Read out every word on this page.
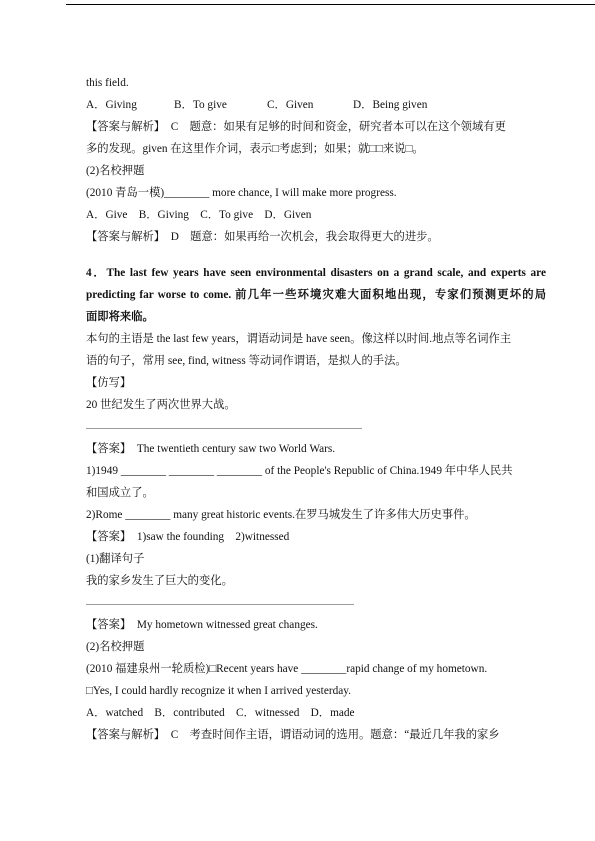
this field.
A．Giving	B．To give	C．Given	D．Being given
【答案与解析】　C　题意：如果有足够的时间和资金，研究者本可以在这个领域有更
多的发现。given 在这里作介词，表示□考虑到；如果；就□□来说□。
(2)名校押题
(2010 青岛一模)________ more chance, I will make more progress.
A．Give　B．Giving　C．To give　D．Given
【答案与解析】　D　题意：如果再给一次机会，我会取得更大的进步。
4．The last few years have seen environmental disasters on a grand scale, and experts are
predicting far worse to come. 前几年一些环境灾难大面积地出现，专家们预测更坏的局
面即将来临。
本句的主语是 the last few years，谓语动词是 have seen。像这样以时间.地点等名词作主
语的句子，常用 see, find, witness 等动词作谓语，是拟人的手法。
【仿写】
20 世纪发生了两次世界大战。
【答案】　The twentieth century saw two World Wars.
1)1949 ________ ________ ________ of the People's Republic of China.1949 年中华人民共
和国成立了。
2)Rome ________ many great historic events.在罗马城发生了许多伟大历史事件。
【答案】　1)saw the founding　2)witnessed
(1)翻译句子
我的家乡发生了巨大的变化。
【答案】　My hometown witnessed great changes.
(2)名校押题
(2010 福建泉州一轮质检)□Recent years have ________rapid change of my hometown.
□Yes, I could hardly recognize it when I arrived yesterday.
A．watched　B．contributed　C．witnessed　D．made
【答案与解析】　C　考查时间作主语，谓语动词的选用。题意：“最近几年我的家乡
